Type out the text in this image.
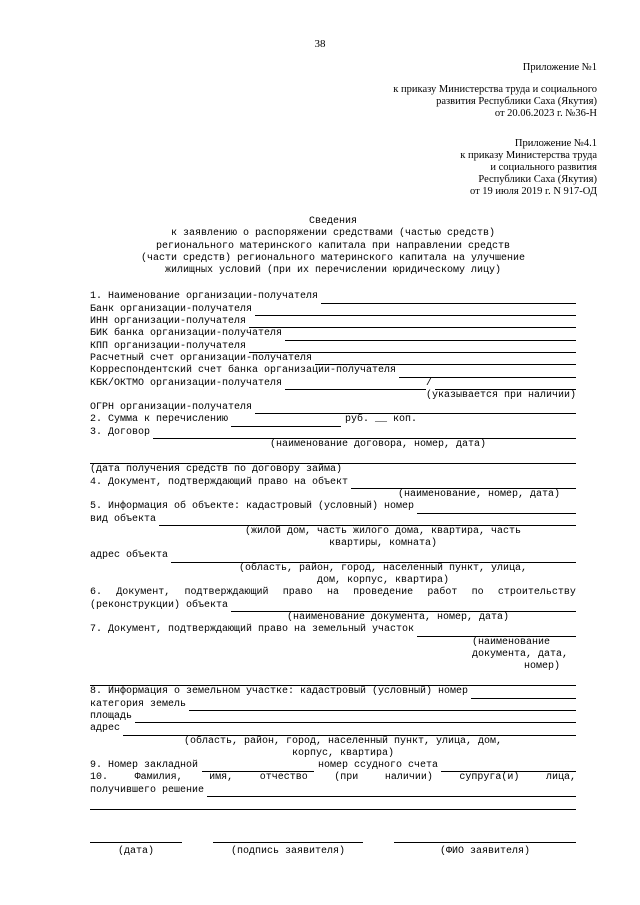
38
Приложение №1
к приказу Министерства труда и социального
развития Республики Саха (Якутия)
от 20.06.2023 г. №36-Н
Приложение №4.1
к приказу Министерства труда
и социального развития
Республики Саха (Якутия)
от 19 июля 2019 г. N 917-ОД
Сведения
к заявлению о распоряжении средствами (частью средств)
регионального материнского капитала при направлении средств
(части средств) регионального материнского капитала на улучшение
жилищных условий (при их перечислении юридическому лицу)
1. Наименование организации-получателя
Банк организации-получателя
ИНН организации-получателя
БИК банка организации-получателя
КПП организации-получателя
Расчетный счет организации-получателя
Корреспондентский счет банка организации-получателя
КБК/ОКТМО организации-получателя	/
(указывается при наличии)
ОГРН организации-получателя
2. Сумма к перечислению	руб. __ коп.
3. Договор
(наименование договора, номер, дата)
(дата получения средств по договору займа)
4. Документ, подтверждающий право на объект
(наименование, номер, дата)
5. Информация об объекте: кадастровый (условный) номер
вид объекта
(жилой дом, часть жилого дома, квартира, часть
квартиры, комната)
адрес объекта
(область, район, город, населенный пункт, улица,
дом, корпус, квартира)
6. Документ, подтверждающий право на проведение работ по строительству
(реконструкции) объекта
(наименование документа, номер, дата)
7. Документ, подтверждающий право на земельный участок
(наименование
документа, дата,
номер)
8. Информация о земельном участке: кадастровый (условный) номер
категория земель
площадь
адрес
(область, район, город, населенный пункт, улица, дом,
корпус, квартира)
9. Номер закладной	номер ссудного счета
10.	Фамилия,	имя,	отчество	(при	наличии)	супруга(и)	лица,
получившего решение
(дата)	(подпись заявителя)	(ФИО заявителя)
